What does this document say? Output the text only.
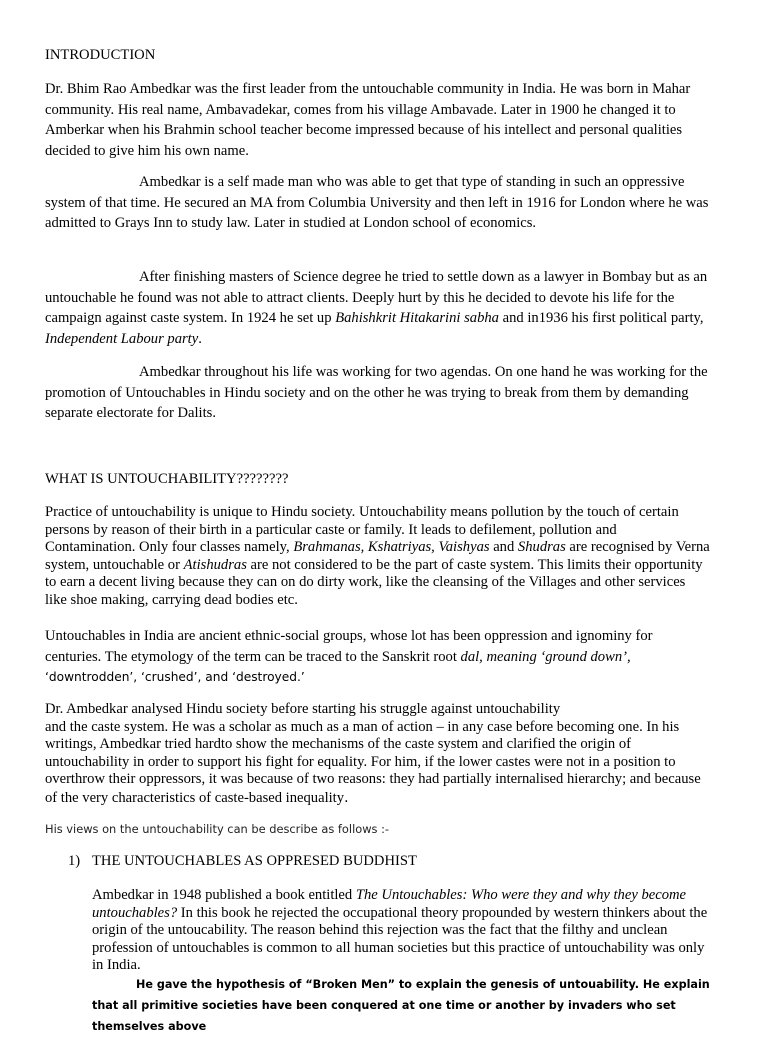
INTRODUCTION

Dr. Bhim Rao Ambedkar was the first leader from the untouchable community in India. He was born in Mahar community. His real name, Ambavadekar, comes from his village Ambavade. Later in 1900 he changed it to Amberkar when his Brahmin school teacher become impressed because of his intellect and personal qualities decided to give him his own name.

Ambedkar is a self made man who was able to get that type of standing in such an oppressive system of that time. He secured an MA from Columbia University and then left in 1916 for London where he was admitted to Grays Inn to study law. Later in studied at London school of economics.

After finishing masters of Science degree he tried to settle down as a lawyer in Bombay but as an untouchable he found was not able to attract clients. Deeply hurt by this he decided to devote his life for the campaign against caste system. In 1924 he set up Bahishkrit Hitakarini sabha and in1936 his first political party, Independent Labour party.

Ambedkar throughout his life was working for two agendas. On one hand he was working for the promotion of Untouchables in Hindu society and on the other he was trying to break from them by demanding separate electorate for Dalits.

WHAT IS UNTOUCHABILITY????????

Practice of untouchability is unique to Hindu society. Untouchability means pollution by the touch of certain persons by reason of their birth in a particular caste or family. It leads to defilement, pollution and Contamination. Only four classes namely, Brahmanas, Kshatriyas, Vaishyas and Shudras are recognised by Verna system, untouchable or Atishudras are not considered to be the part of caste system. This limits their opportunity to earn a decent living because they can on do dirty work, like the cleansing of the Villages and other services like shoe making, carrying dead bodies etc.

Untouchables in India are ancient ethnic-social groups, whose lot has been oppression and ignominy for centuries. The etymology of the term can be traced to the Sanskrit root dal, meaning ‘ground down’,
‘downtrodden’, ‘crushed’, and ‘destroyed.’

Dr. Ambedkar analysed Hindu society before starting his struggle against untouchability
and the caste system. He was a scholar as much as a man of action – in any case before becoming one. In his writings, Ambedkar tried hardto show the mechanisms of the caste system and clarified the origin of untouchability in order to support his fight for equality. For him, if the lower castes were not in a position to overthrow their oppressors, it was because of two reasons: they had partially internalised hierarchy; and because of the very characteristics of caste-based inequality.

His views on the untouchability can be describe as follows :-
1) THE UNTOUCHABLES AS OPPRESED BUDDHIST

Ambedkar in 1948 published a book entitled The Untouchables: Who were they and why they become untouchables? In this book he rejected the occupational theory propounded by western thinkers about the origin of the untoucability. The reason behind this rejection was the fact that the filthy and unclean profession of untouchables is common to all human societies but this practice of untouchability was only in India.

He gave the hypothesis of “Broken Men” to explain the genesis of untouability. He explain that all primitive societies have been conquered at one time or another by invaders who set themselves above
